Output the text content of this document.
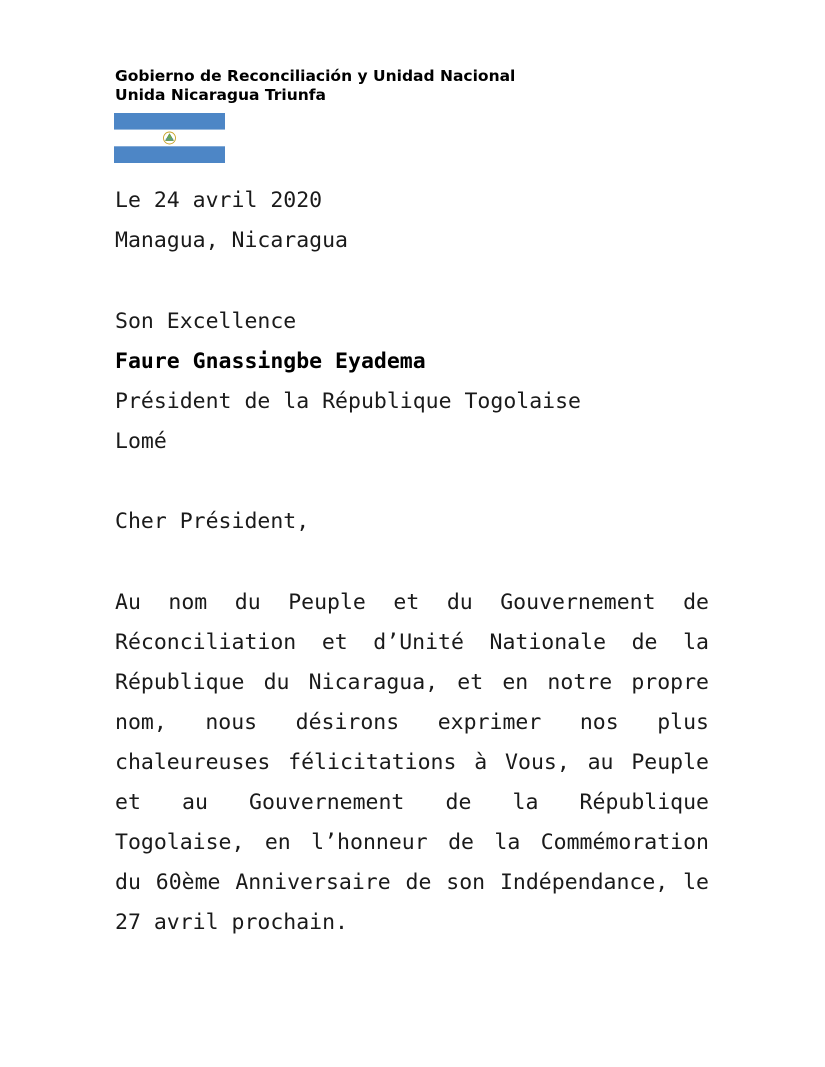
Gobierno de Reconciliación y Unidad Nacional
Unida Nicaragua Triunfa

Le 24 avril 2020

Managua, Nicaragua

Son Excellence

Faure Gnassingbe Eyadema

Président de la République Togolaise

Lomé

Cher Président,

Au nom du Peuple et du Gouvernement de Réconciliation et d’Unité Nationale de la République du Nicaragua, et en notre propre nom, nous désirons exprimer nos plus chaleureuses félicitations à Vous, au Peuple et au Gouvernement de la République Togolaise, en l’honneur de la Commémoration du 60ème Anniversaire de son Indépendance, le 27 avril prochain.
